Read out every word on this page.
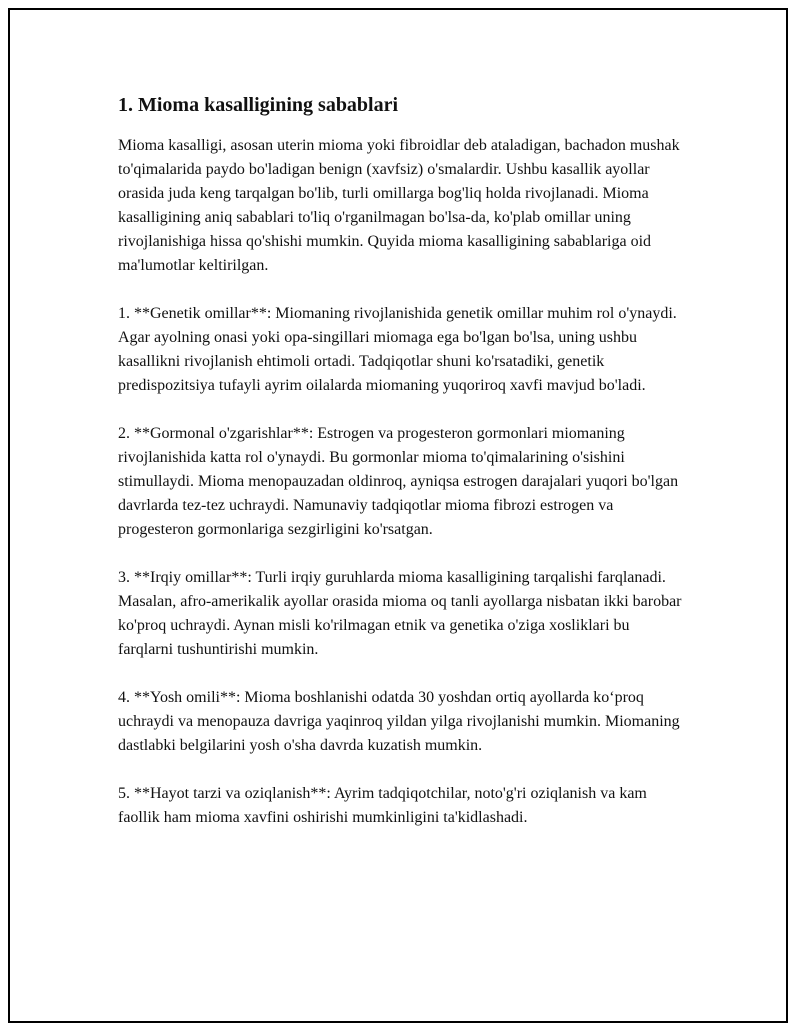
1. Mioma kasalligining sabablari

Mioma kasalligi, asosan uterin mioma yoki fibroidlar deb ataladigan, bachadon mushak to'qimalarida paydo bo'ladigan benign (xavfsiz) o'smalardir. Ushbu kasallik ayollar orasida juda keng tarqalgan bo'lib, turli omillarga bog'liq holda rivojlanadi. Mioma kasalligining aniq sabablari to'liq o'rganilmagan bo'lsa-da, ko'plab omillar uning rivojlanishiga hissa qo'shishi mumkin. Quyida mioma kasalligining sabablariga oid ma'lumotlar keltirilgan.

1. **Genetik omillar**: Miomaning rivojlanishida genetik omillar muhim rol o'ynaydi. Agar ayolning onasi yoki opa-singillari miomaga ega bo'lgan bo'lsa, uning ushbu kasallikni rivojlanish ehtimoli ortadi. Tadqiqotlar shuni ko'rsatadiki, genetik predispozitsiya tufayli ayrim oilalarda miomaning yuqoriroq xavfi mavjud bo'ladi.

2. **Gormonal o'zgarishlar**: Estrogen va progesteron gormonlari miomaning rivojlanishida katta rol o'ynaydi. Bu gormonlar mioma to'qimalarining o'sishini stimullaydi. Mioma menopauzadan oldinroq, ayniqsa estrogen darajalari yuqori bo'lgan davrlarda tez-tez uchraydi. Namunaviy tadqiqotlar mioma fibrozi estrogen va progesteron gormonlariga sezgirligini ko'rsatgan.

3. **Irqiy omillar**: Turli irqiy guruhlarda mioma kasalligining tarqalishi farqlanadi. Masalan, afro-amerikalik ayollar orasida mioma oq tanli ayollarga nisbatan ikki barobar ko'proq uchraydi. Aynan misli ko'rilmagan etnik va genetika o'ziga xosliklari bu farqlarni tushuntirishi mumkin.

4. **Yosh omili**: Mioma boshlanishi odatda 30 yoshdan ortiq ayollarda ko‘proq uchraydi va menopauza davriga yaqinroq yildan yilga rivojlanishi mumkin. Miomaning dastlabki belgilarini yosh o'sha davrda kuzatish mumkin.

5. **Hayot tarzi va oziqlanish**: Ayrim tadqiqotchilar, noto'g'ri oziqlanish va kam faollik ham mioma xavfini oshirishi mumkinligini ta'kidlashadi.
